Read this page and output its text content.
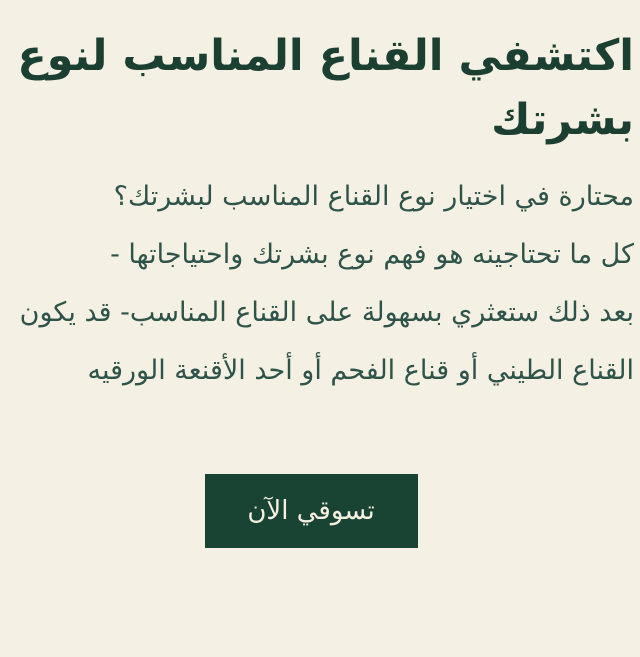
اكتشفي القناع المناسب لنوع
بشرتك

محتارة في اختيار نوع القناع المناسب لبشرتك؟
كل ما تحتاجينه هو فهم نوع بشرتك واحتياجاتها -
بعد ذلك ستعثري بسهولة على القناع المناسب- قد يكون
القناع الطيني أو قناع الفحم أو أحد الأقنعة الورقيه

تسوقي الآن
